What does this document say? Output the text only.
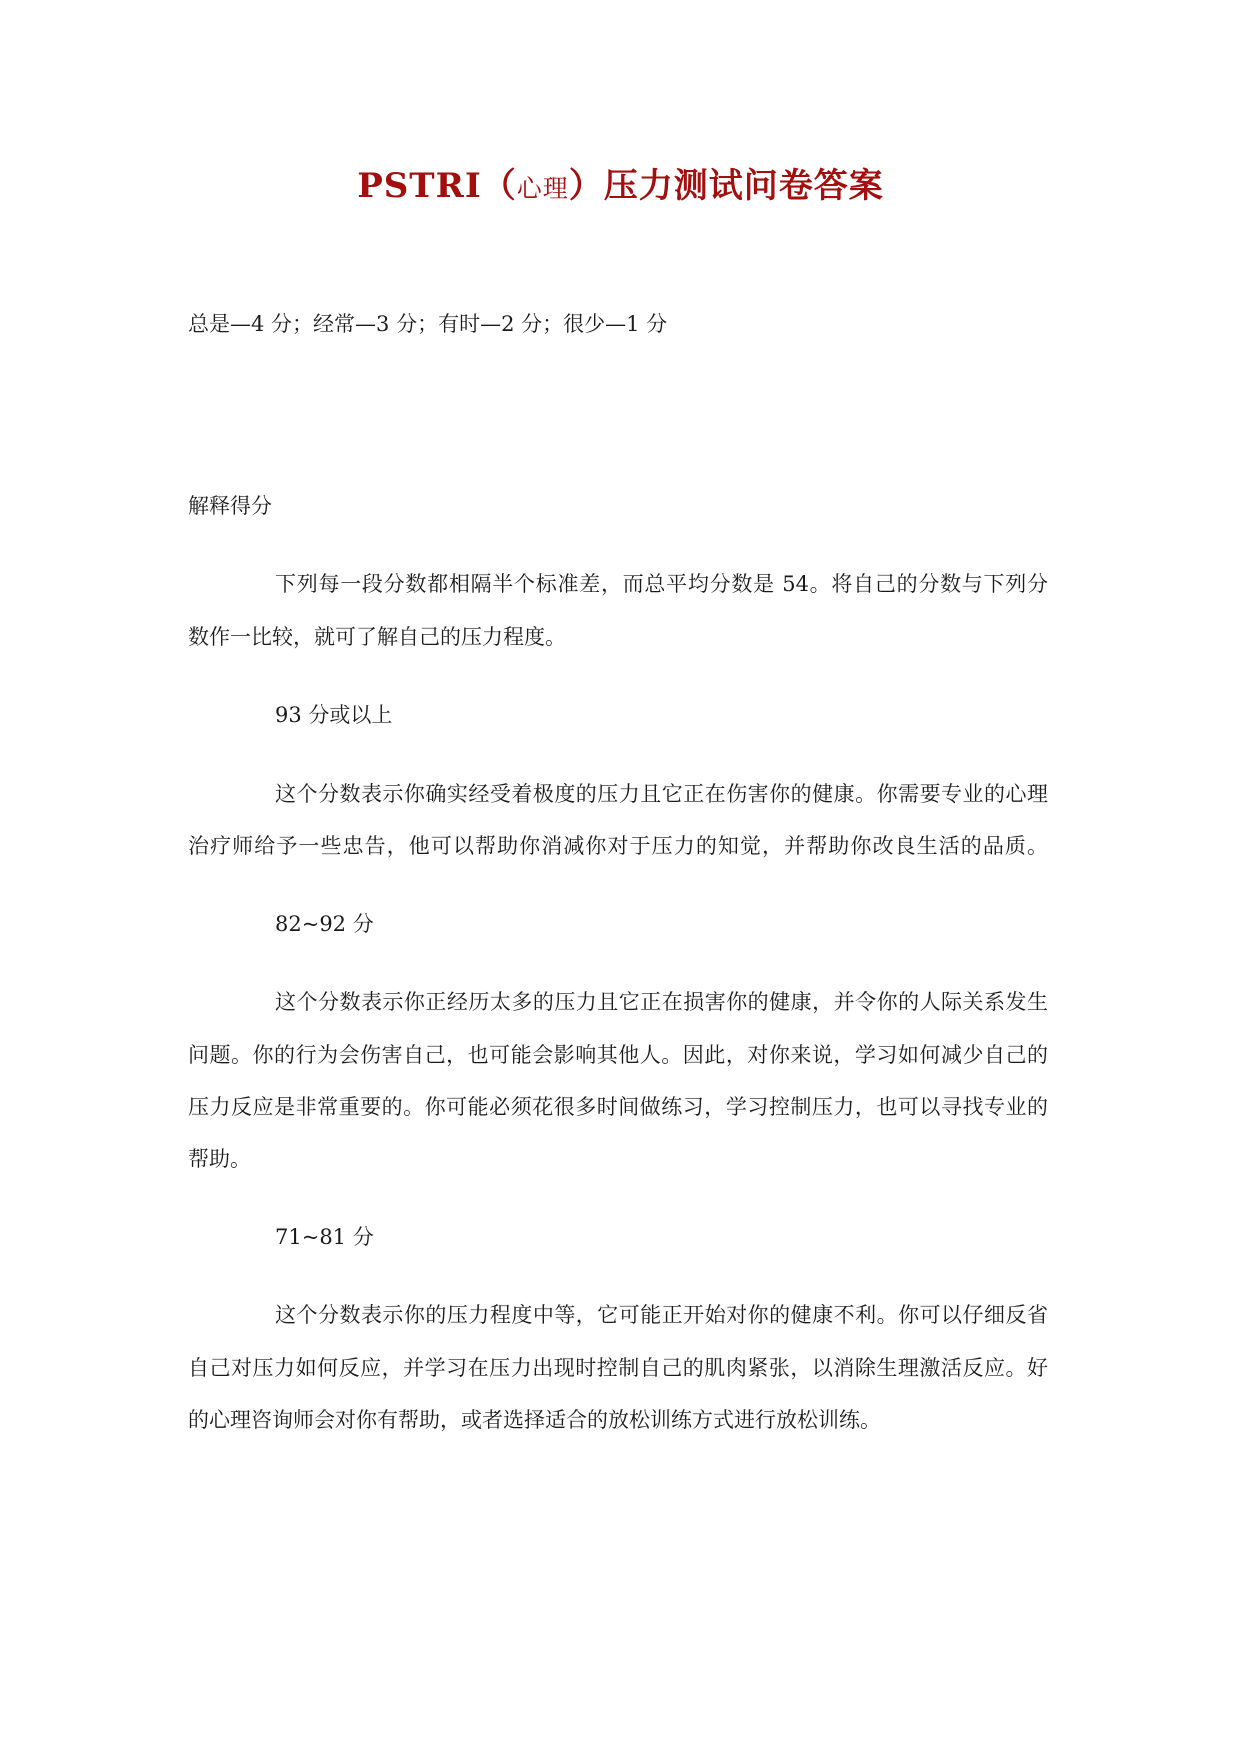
PSTRI（心理）压力测试问卷答案
总是—4 分；经常—3 分；有时—2 分；很少—1 分
解释得分
下列每一段分数都相隔半个标准差，而总平均分数是 54。将自己的分数与下列分
数作一比较，就可了解自己的压力程度。
93 分或以上
这个分数表示你确实经受着极度的压力且它正在伤害你的健康。你需要专业的心理
治疗师给予一些忠告，他可以帮助你消减你对于压力的知觉，并帮助你改良生活的品质。
82~92 分
这个分数表示你正经历太多的压力且它正在损害你的健康，并令你的人际关系发生
问题。你的行为会伤害自己，也可能会影响其他人。因此，对你来说，学习如何减少自己的
压力反应是非常重要的。你可能必须花很多时间做练习，学习控制压力，也可以寻找专业的
帮助。
71~81 分
这个分数表示你的压力程度中等，它可能正开始对你的健康不利。你可以仔细反省
自己对压力如何反应，并学习在压力出现时控制自己的肌肉紧张，以消除生理激活反应。好
的心理咨询师会对你有帮助，或者选择适合的放松训练方式进行放松训练。
